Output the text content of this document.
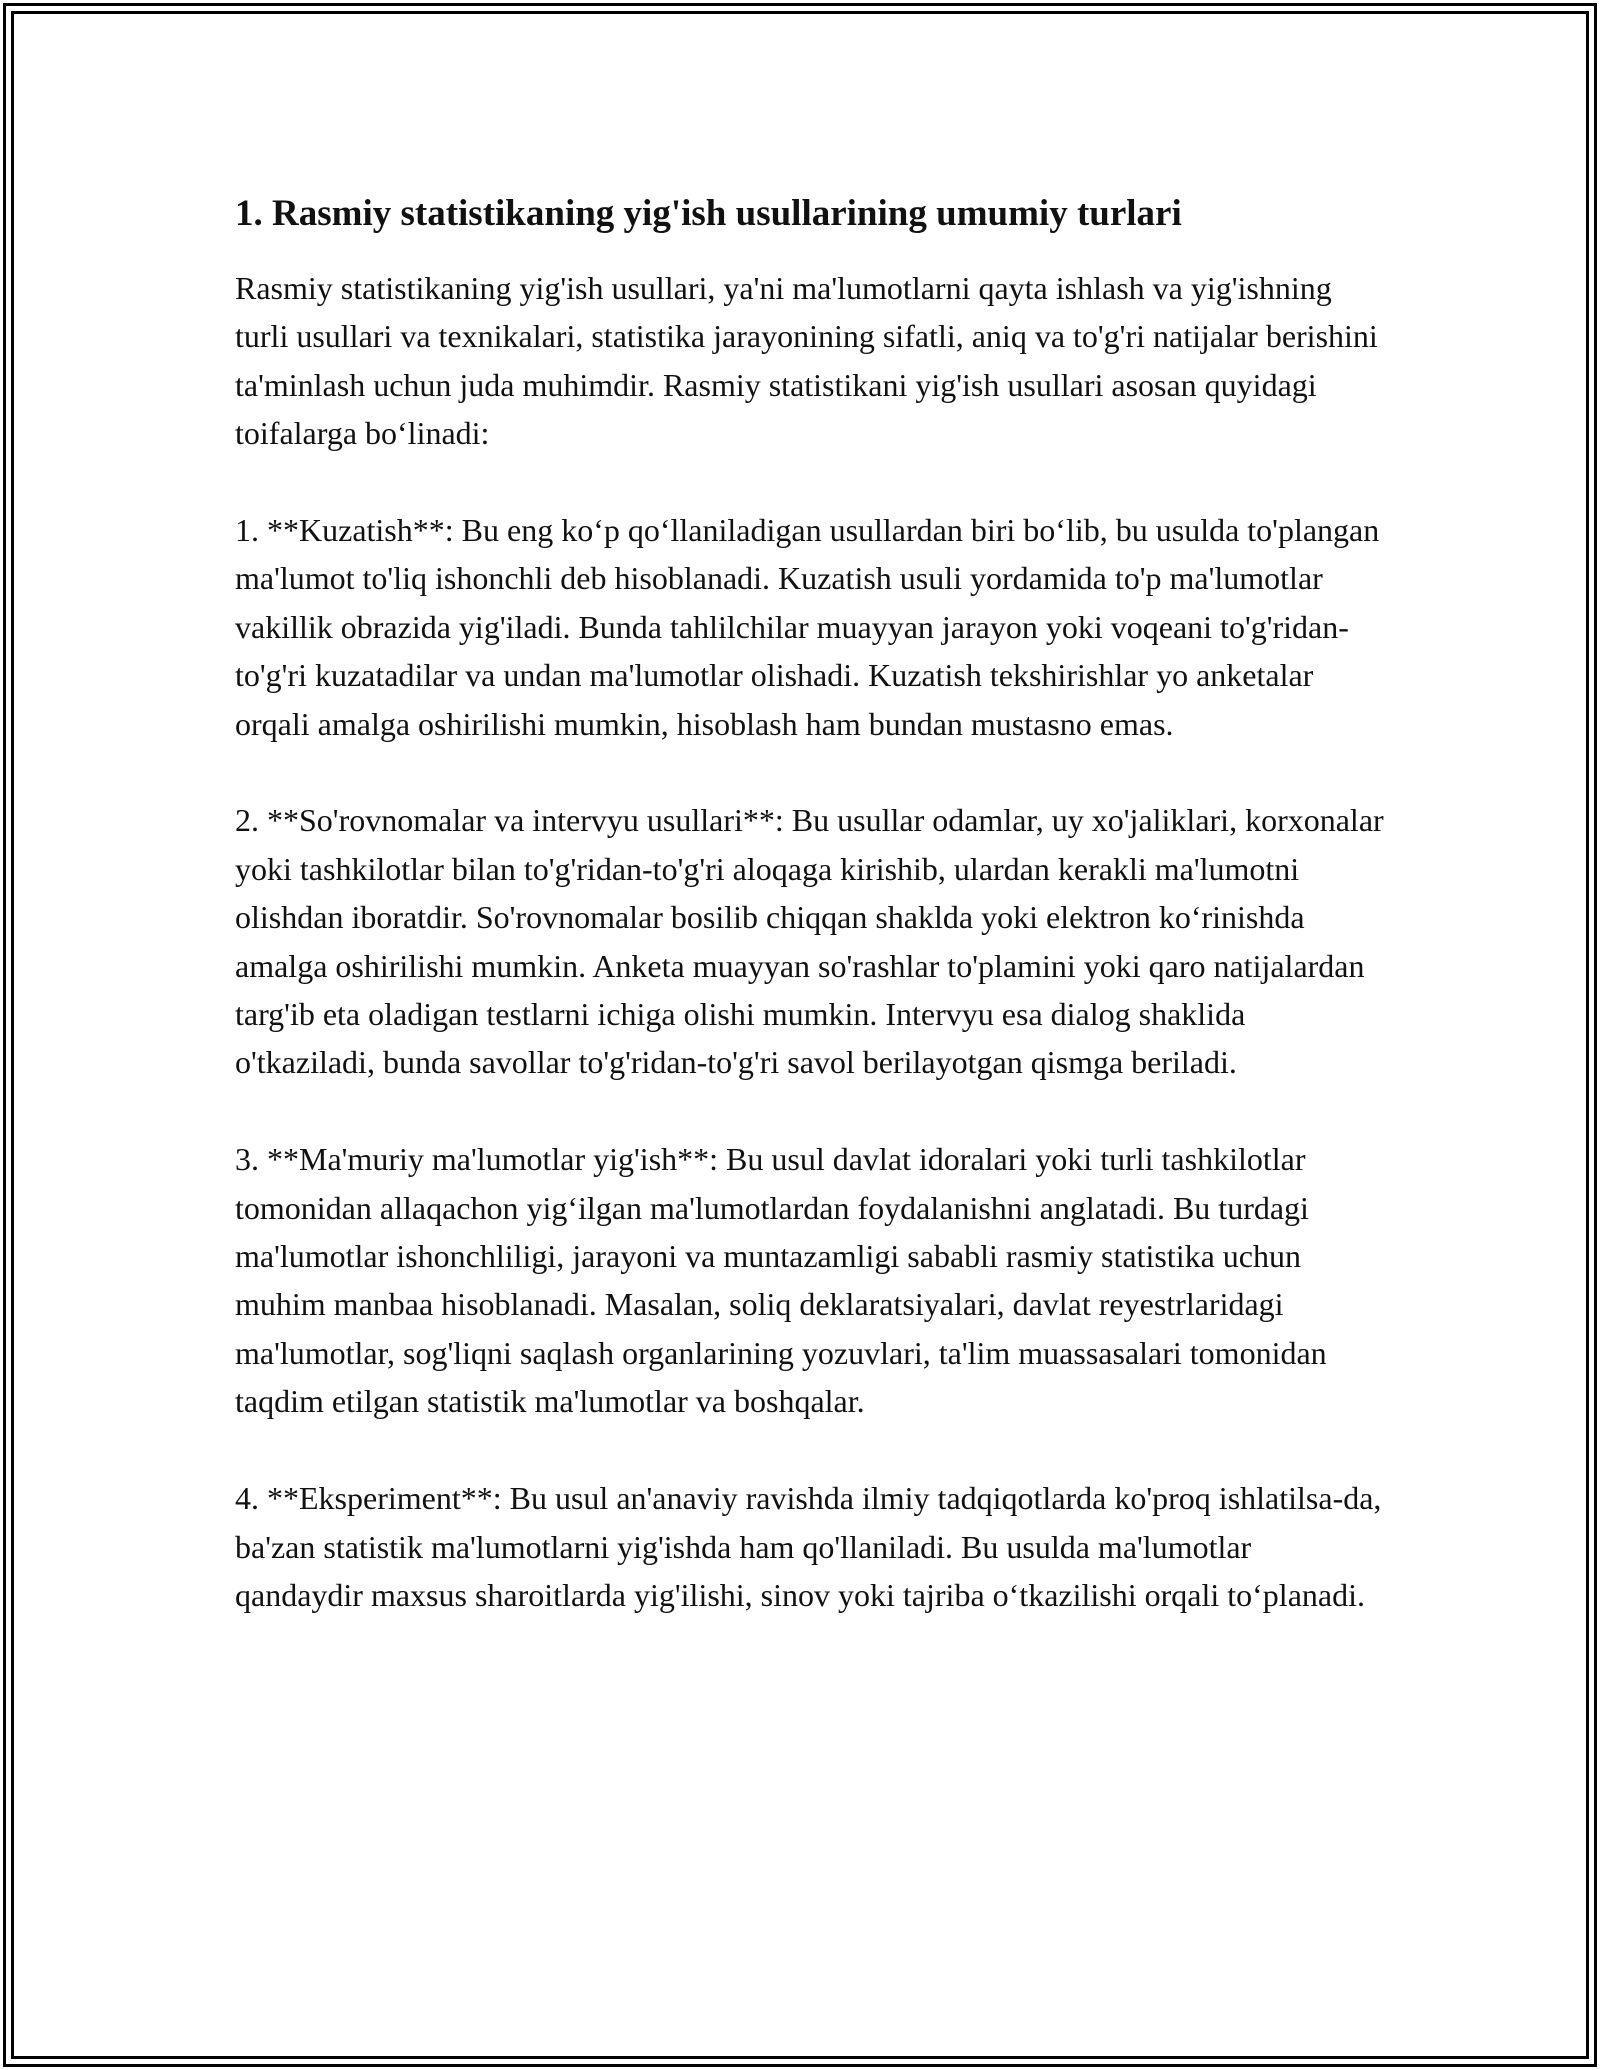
1. Rasmiy statistikaning yig'ish usullarining umumiy turlari

Rasmiy statistikaning yig'ish usullari, ya'ni ma'lumotlarni qayta ishlash va yig'ishning turli usullari va texnikalari, statistika jarayonining sifatli, aniq va to'g'ri natijalar berishini ta'minlash uchun juda muhimdir. Rasmiy statistikani yig'ish usullari asosan quyidagi toifalarga bo‘linadi:

1. **Kuzatish**: Bu eng ko‘p qo‘llaniladigan usullardan biri bo‘lib, bu usulda to'plangan ma'lumot to'liq ishonchli deb hisoblanadi. Kuzatish usuli yordamida to'p ma'lumotlar vakillik obrazida yig'iladi. Bunda tahlilchilar muayyan jarayon yoki voqeani to'g'ridan-to'g'ri kuzatadilar va undan ma'lumotlar olishadi. Kuzatish tekshirishlar yo anketalar orqali amalga oshirilishi mumkin, hisoblash ham bundan mustasno emas.

2. **So'rovnomalar va intervyu usullari**: Bu usullar odamlar, uy xo'jaliklari, korxonalar yoki tashkilotlar bilan to'g'ridan-to'g'ri aloqaga kirishib, ulardan kerakli ma'lumotni olishdan iboratdir. So'rovnomalar bosilib chiqqan shaklda yoki elektron ko‘rinishda amalga oshirilishi mumkin. Anketa muayyan so'rashlar to'plamini yoki qaro natijalardan targ'ib eta oladigan testlarni ichiga olishi mumkin. Intervyu esa dialog shaklida o'tkaziladi, bunda savollar to'g'ridan-to'g'ri savol berilayotgan qismga beriladi.

3. **Ma'muriy ma'lumotlar yig'ish**: Bu usul davlat idoralari yoki turli tashkilotlar tomonidan allaqachon yig‘ilgan ma'lumotlardan foydalanishni anglatadi. Bu turdagi ma'lumotlar ishonchliligi, jarayoni va muntazamligi sababli rasmiy statistika uchun muhim manbaa hisoblanadi. Masalan, soliq deklaratsiyalari, davlat reyestrlaridagi ma'lumotlar, sog'liqni saqlash organlarining yozuvlari, ta'lim muassasalari tomonidan taqdim etilgan statistik ma'lumotlar va boshqalar.

4. **Eksperiment**: Bu usul an'anaviy ravishda ilmiy tadqiqotlarda ko'proq ishlatilsa-da, ba'zan statistik ma'lumotlarni yig'ishda ham qo'llaniladi. Bu usulda ma'lumotlar qandaydir maxsus sharoitlarda yig'ilishi, sinov yoki tajriba o‘tkazilishi orqali to‘planadi.
